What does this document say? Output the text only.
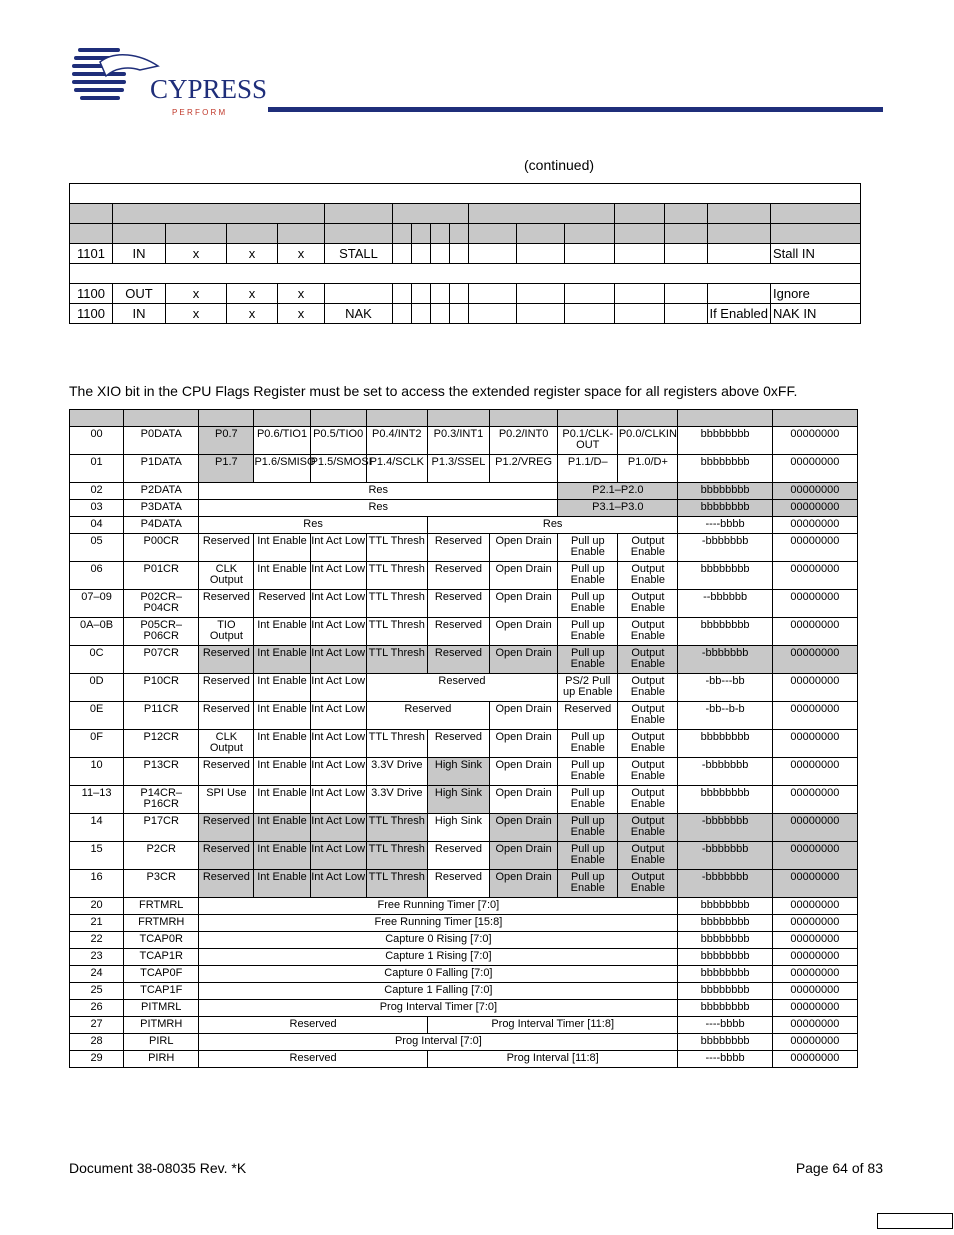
CYPRESS
P E R F O R M
(continued)

1101	IN	x	x	x	STALL											Stall IN

1100	OUT	x	x	x												Ignore
1100	IN	x	x	x	NAK										If Enabled	NAK IN
The XIO bit in the CPU Flags Register must be set to access the extended register space for all registers above 0xFF.

00	P0DATA	P0.7	P0.6/TIO1	P0.5/TIO0	P0.4/INT2	P0.3/INT1	P0.2/INT0	P0.1/CLK-OUT	P0.0/CLKIN	bbbbbbbb	00000000
01	P1DATA	P1.7	P1.6/SMISO	P1.5/SMOSI	P1.4/SCLK	P1.3/SSEL	P1.2/VREG	P1.1/D–	P1.0/D+	bbbbbbbb	00000000
02	P2DATA	Res						P2.1–P2.0		bbbbbbbb	00000000
03	P3DATA	Res						P3.1–P3.0		bbbbbbbb	00000000
04	P4DATA	Res				Res				----bbbb	00000000
05	P00CR	Reserved	Int Enable	Int Act Low	TTL Thresh	Reserved	Open Drain	Pull up Enable	Output Enable	-bbbbbbb	00000000
06	P01CR	CLK Output	Int Enable	Int Act Low	TTL Thresh	Reserved	Open Drain	Pull up Enable	Output Enable	bbbbbbbb	00000000
07–09	P02CR–P04CR	Reserved	Reserved	Int Act Low	TTL Thresh	Reserved	Open Drain	Pull up Enable	Output Enable	--bbbbbb	00000000
0A–0B	P05CR–P06CR	TIO Output	Int Enable	Int Act Low	TTL Thresh	Reserved	Open Drain	Pull up Enable	Output Enable	bbbbbbbb	00000000
0C	P07CR	Reserved	Int Enable	Int Act Low	TTL Thresh	Reserved	Open Drain	Pull up Enable	Output Enable	-bbbbbbb	00000000
0D	P10CR	Reserved	Int Enable	Int Act Low	Reserved			PS/2 Pull up Enable	Output Enable	-bb---bb	00000000
0E	P11CR	Reserved	Int Enable	Int Act Low	Reserved		Open Drain	Reserved	Output Enable	-bb--b-b	00000000
0F	P12CR	CLK Output	Int Enable	Int Act Low	TTL Thresh	Reserved	Open Drain	Pull up Enable	Output Enable	bbbbbbbb	00000000
10	P13CR	Reserved	Int Enable	Int Act Low	3.3V Drive	High Sink	Open Drain	Pull up Enable	Output Enable	-bbbbbbb	00000000
11–13	P14CR–P16CR	SPI Use	Int Enable	Int Act Low	3.3V Drive	High Sink	Open Drain	Pull up Enable	Output Enable	bbbbbbbb	00000000
14	P17CR	Reserved	Int Enable	Int Act Low	TTL Thresh	High Sink	Open Drain	Pull up Enable	Output Enable	-bbbbbbb	00000000
15	P2CR	Reserved	Int Enable	Int Act Low	TTL Thresh	Reserved	Open Drain	Pull up Enable	Output Enable	-bbbbbbb	00000000
16	P3CR	Reserved	Int Enable	Int Act Low	TTL Thresh	Reserved	Open Drain	Pull up Enable	Output Enable	-bbbbbbb	00000000
20	FRTMRL	Free Running Timer [7:0]								bbbbbbbb	00000000
21	FRTMRH	Free Running Timer [15:8]								bbbbbbbb	00000000
22	TCAP0R	Capture 0 Rising [7:0]								bbbbbbbb	00000000
23	TCAP1R	Capture 1 Rising [7:0]								bbbbbbbb	00000000
24	TCAP0F	Capture 0 Falling [7:0]								bbbbbbbb	00000000
25	TCAP1F	Capture 1 Falling [7:0]								bbbbbbbb	00000000
26	PITMRL	Prog Interval Timer [7:0]								bbbbbbbb	00000000
27	PITMRH	Reserved				Prog Interval Timer [11:8]				----bbbb	00000000
28	PIRL	Prog Interval [7:0]								bbbbbbbb	00000000
29	PIRH	Reserved				Prog Interval [11:8]				----bbbb	00000000
Document 38-08035 Rev. *K	Page 64 of 83
